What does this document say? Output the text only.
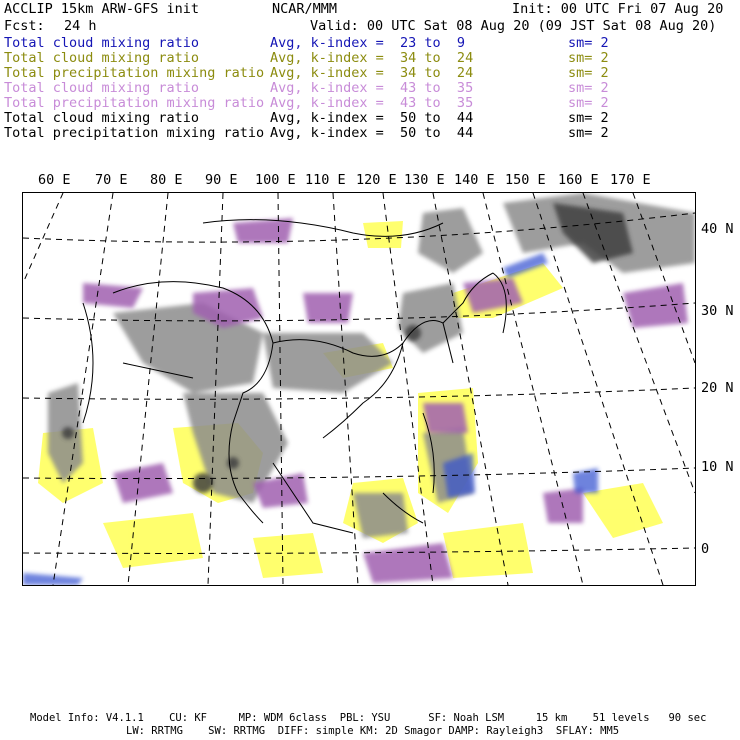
ACCLIP 15km ARW-GFS init	NCAR/MMM	Init: 00 UTC Fri 07 Aug 20
Fcst: 24 h	Valid: 00 UTC Sat 08 Aug 20 (09 JST Sat 08 Aug 20)
Total cloud mixing ratio	Avg, k-index =  23 to  9	sm= 2
Total cloud mixing ratio	Avg, k-index =  34 to  24	sm= 2
Total precipitation mixing ratio Avg, k-index =  34 to  24	sm= 2
Total cloud mixing ratio	Avg, k-index =  43 to  35	sm= 2
Total precipitation mixing ratio Avg, k-index =  43 to  35	sm= 2
Total cloud mixing ratio	Avg, k-index =  50 to  44	sm= 2
Total precipitation mixing ratio Avg, k-index =  50 to  44	sm= 2
60 E 70 E 80 E 90 E 100 E 110 E 120 E 130 E 140 E 150 E 160 E 170 E
40 N
30 N
20 N
10 N
0
Model Info: V4.1.1    CU: KF     MP: WDM 6class  PBL: YSU      SF: Noah LSM     15 km    51 levels   90 sec
LW: RRTMG    SW: RRTMG  DIFF: simple KM: 2D Smagor DAMP: Rayleigh3  SFLAY: MM5
